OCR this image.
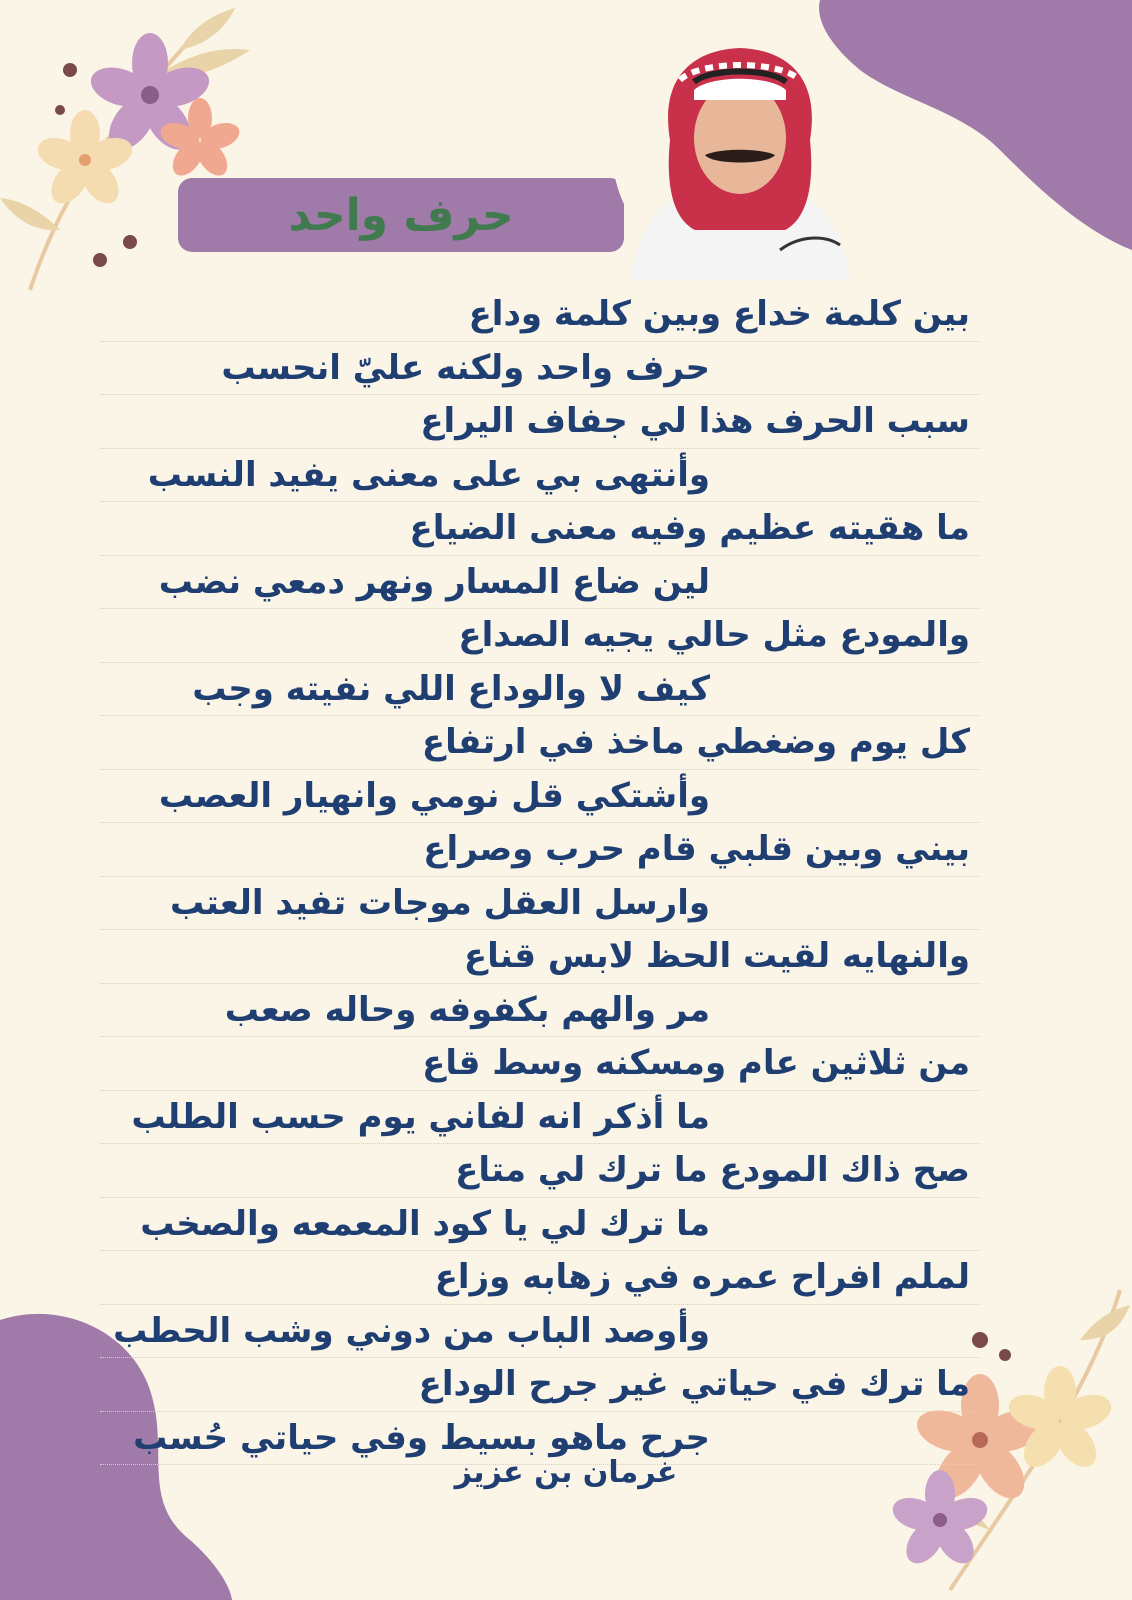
حرف واحد
بين كلمة خداع وبين كلمة وداع
حرف واحد ولكنه عليّ انحسب
سبب الحرف هذا لي جفاف اليراع
وأنتهى بي على معنى يفيد النسب
ما هقيته عظيم وفيه معنى الضياع
لين ضاع المسار ونهر دمعي نضب
والمودع مثل حالي يجيه الصداع
كيف لا والوداع اللي نفيته وجب
كل يوم وضغطي ماخذ في ارتفاع
وأشتكي قل نومي وانهيار العصب
بيني وبين قلبي قام حرب وصراع
وارسل العقل موجات تفيد العتب
والنهايه لقيت الحظ لابس قناع
مر والهم بكفوفه وحاله صعب
من ثلاثين عام ومسكنه وسط قاع
ما أذكر انه لفاني يوم حسب الطلب
صح ذاك المودع ما ترك لي متاع
ما ترك لي يا كود المعمعه والصخب
لملم افراح عمره في زهابه وزاع
وأوصد الباب من دوني وشب الحطب
ما ترك في حياتي غير جرح الوداع
جرح ماهو بسيط وفي حياتي حُسب
غرمان بن عزيز
